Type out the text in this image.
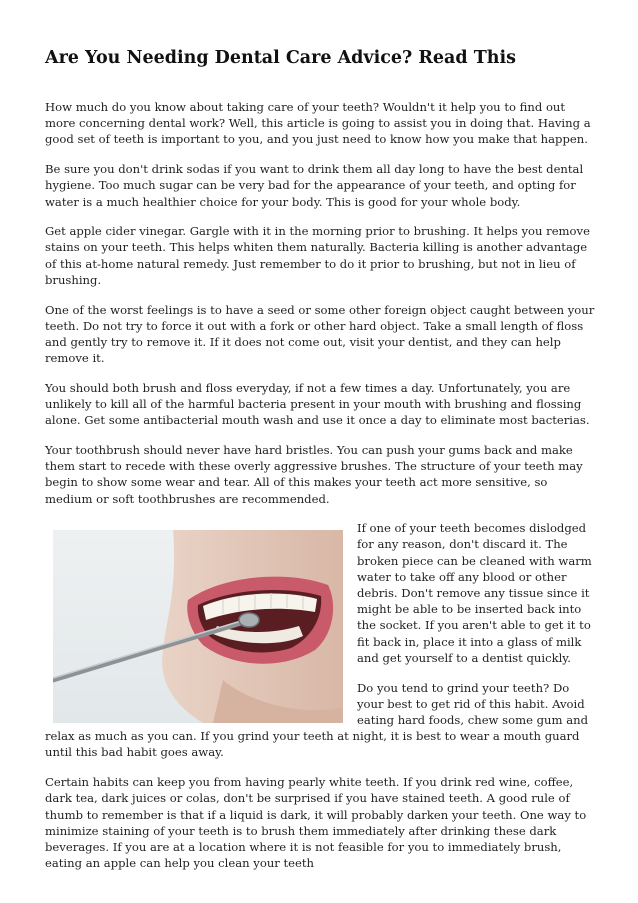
Are You Needing Dental Care Advice? Read This

How much do you know about taking care of your teeth? Wouldn't it help you to find out more concerning dental work? Well, this article is going to assist you in doing that. Having a good set of teeth is important to you, and you just need to know how you make that happen.

Be sure you don't drink sodas if you want to drink them all day long to have the best dental hygiene. Too much sugar can be very bad for the appearance of your teeth, and opting for water is a much healthier choice for your body. This is good for your whole body.

Get apple cider vinegar. Gargle with it in the morning prior to brushing. It helps you remove stains on your teeth. This helps whiten them naturally. Bacteria killing is another advantage of this at-home natural remedy. Just remember to do it prior to brushing, but not in lieu of brushing.

One of the worst feelings is to have a seed or some other foreign object caught between your teeth. Do not try to force it out with a fork or other hard object. Take a small length of floss and gently try to remove it. If it does not come out, visit your dentist, and they can help remove it.

You should both brush and floss everyday, if not a few times a day. Unfortunately, you are unlikely to kill all of the harmful bacteria present in your mouth with brushing and flossing alone. Get some antibacterial mouth wash and use it once a day to eliminate most bacterias.

Your toothbrush should never have hard bristles. You can push your gums back and make them start to recede with these overly aggressive brushes. The structure of your teeth may begin to show some wear and tear. All of this makes your teeth act more sensitive, so medium or soft toothbrushes are recommended.

If one of your teeth becomes dislodged for any reason, don't discard it. The broken piece can be cleaned with warm water to take off any blood or other debris. Don't remove any tissue since it might be able to be inserted back into the socket. If you aren't able to get it to fit back in, place it into a glass of milk and get yourself to a dentist quickly.

Do you tend to grind your teeth? Do your best to get rid of this habit. Avoid eating hard foods, chew some gum and relax as much as you can. If you grind your teeth at night, it is best to wear a mouth guard until this bad habit goes away.

Certain habits can keep you from having pearly white teeth. If you drink red wine, coffee, dark tea, dark juices or colas, don't be surprised if you have stained teeth. A good rule of thumb to remember is that if a liquid is dark, it will probably darken your teeth. One way to minimize staining of your teeth is to brush them immediately after drinking these dark beverages. If you are at a location where it is not feasible for you to immediately brush, eating an apple can help you clean your teeth
